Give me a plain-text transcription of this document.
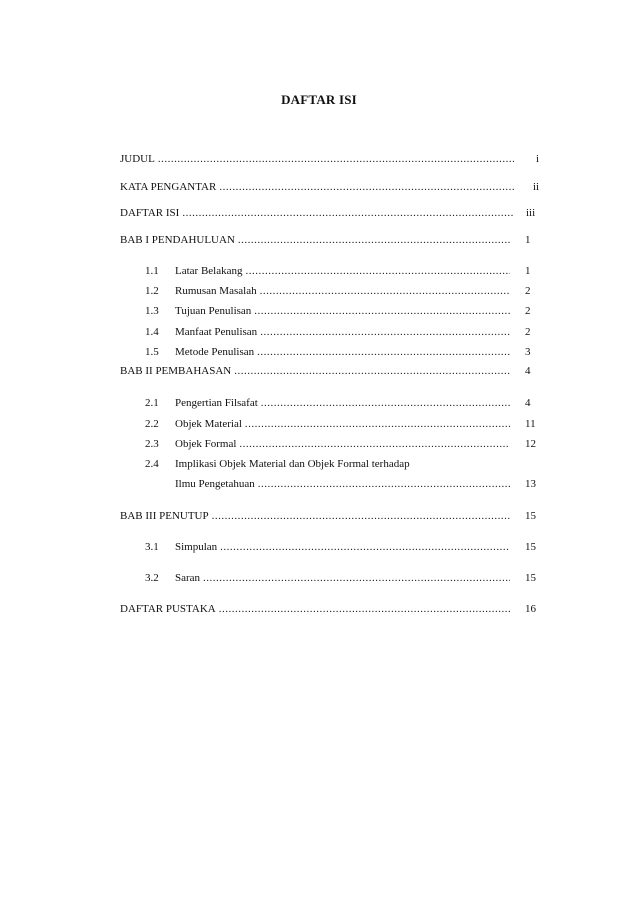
DAFTAR ISI
JUDUL .....	i
KATA PENGANTAR .....	ii
DAFTAR ISI .....	iii
BAB I PENDAHULUAN .....	1
1.1	Latar Belakang .....	1
1.2	Rumusan Masalah .....	2
1.3	Tujuan Penulisan .....	2
1.4	Manfaat Penulisan .....	2
1.5	Metode Penulisan .....	3
BAB II PEMBAHASAN .....	4
2.1	Pengertian Filsafat .....	4
2.2	Objek Material .....	11
2.3	Objek Formal .....	12
2.4	Implikasi Objek Material dan Objek Formal terhadap
Ilmu Pengetahuan .....	13
BAB III PENUTUP .....	15
3.1	Simpulan .....	15
3.2	Saran .....	15
DAFTAR PUSTAKA .....	16
